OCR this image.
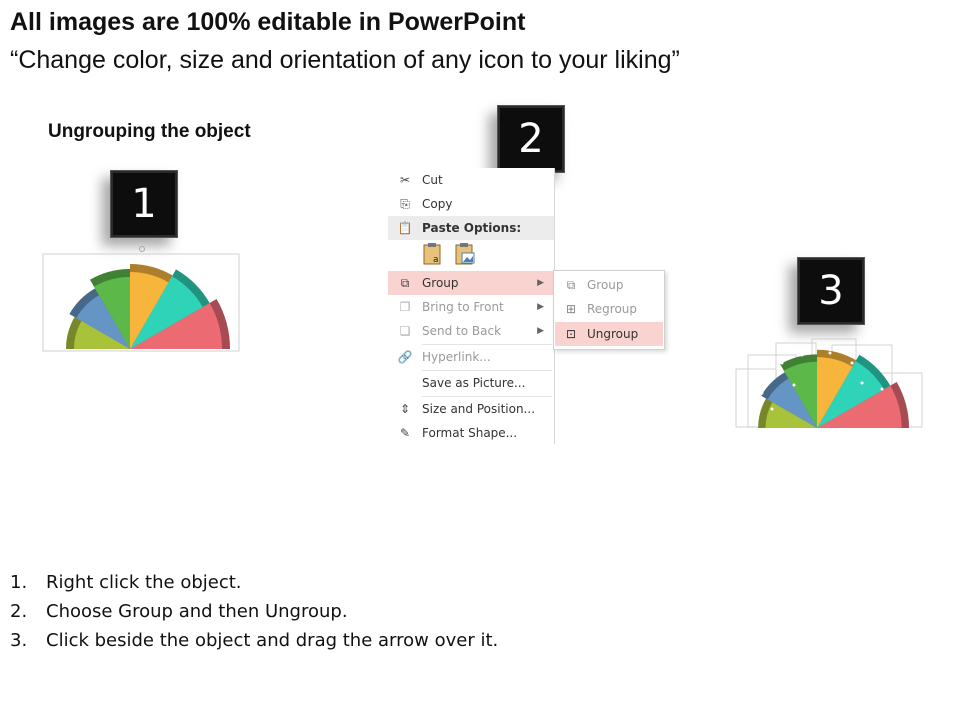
All images are 100% editable in PowerPoint
“Change color, size and orientation of any icon to your liking”
Ungrouping the object
1
2
3
✂ Cut
⎘	Copy
📋 Paste Options:
a
⧉	Group	▶
❐ Bring to Front	▶
❏ Send to Back	▶
🔗 Hyperlink...
Save as Picture...
⇕ Size and Position...
✎ Format Shape...
⧉ Group
⊞ Regroup
⊡ Ungroup
1.	Right click the object.
2.	Choose Group and then Ungroup.
3.	Click beside the object and drag the arrow over it.
